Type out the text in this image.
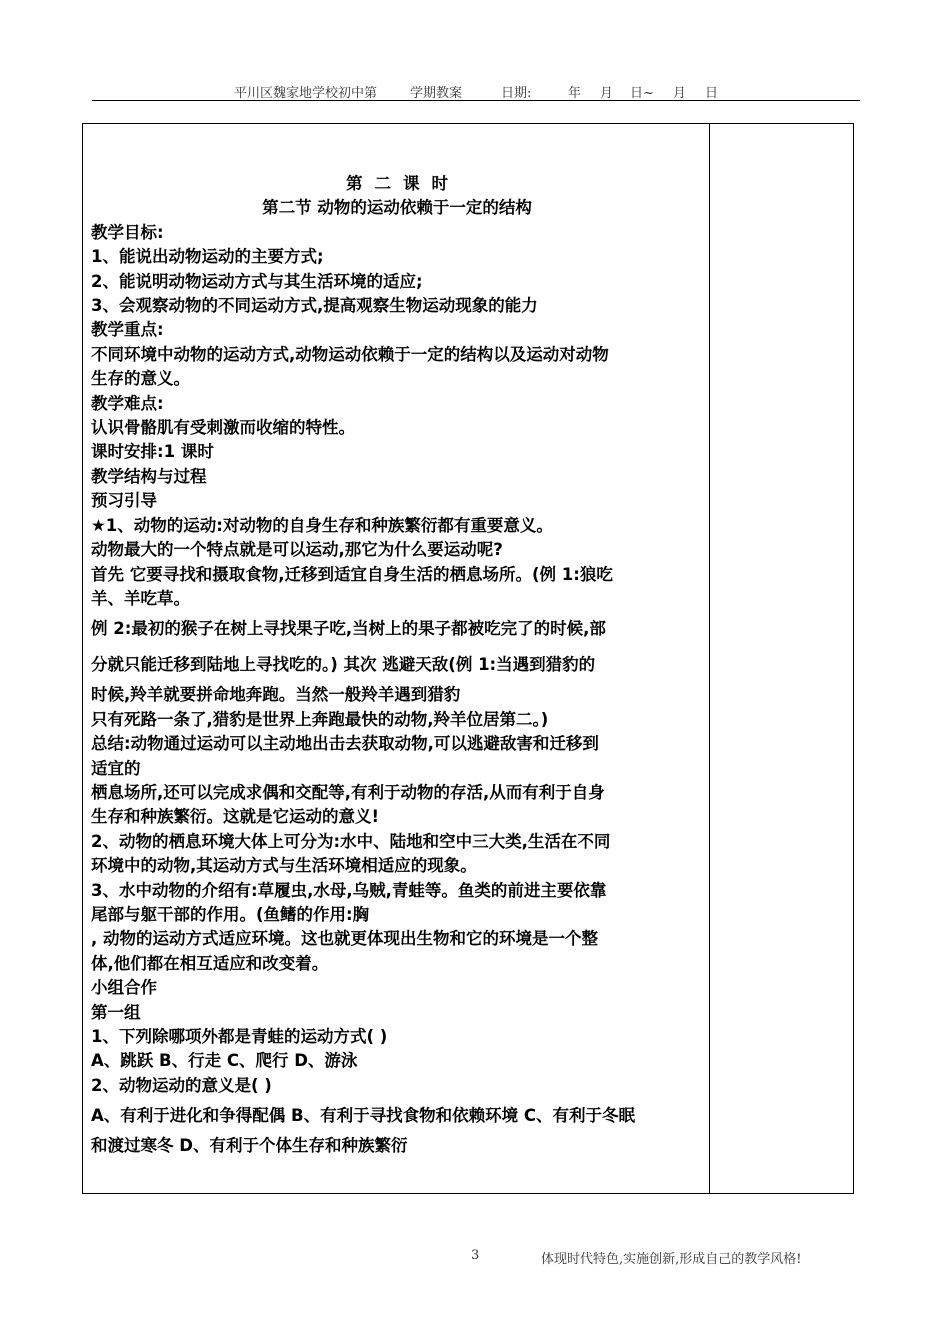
平川区魏家地学校初中第	学期教案	日期:	年 月 日~ 月 日

第二课时

第二节 动物的运动依赖于一定的结构

教学目标:

1、能说出动物运动的主要方式;

2、能说明动物运动方式与其生活环境的适应;

3、会观察动物的不同运动方式,提高观察生物运动现象的能力

教学重点:

不同环境中动物的运动方式,动物运动依赖于一定的结构以及运动对动物

生存的意义。

教学难点:

认识骨骼肌有受刺激而收缩的特性。

课时安排:1 课时

教学结构与过程

预习引导

★1、动物的运动:对动物的自身生存和种族繁衍都有重要意义。

动物最大的一个特点就是可以运动,那它为什么要运动呢?

首先 它要寻找和摄取食物,迁移到适宜自身生活的栖息场所。(例 1:狼吃

羊、羊吃草。

例 2:最初的猴子在树上寻找果子吃,当树上的果子都被吃完了的时候,部

分就只能迁移到陆地上寻找吃的。) 其次 逃避天敌(例 1:当遇到猎豹的

时候,羚羊就要拼命地奔跑。当然一般羚羊遇到猎豹

只有死路一条了,猎豹是世界上奔跑最快的动物,羚羊位居第二。)

总结:动物通过运动可以主动地出击去获取动物,可以逃避敌害和迁移到

适宜的

栖息场所,还可以完成求偶和交配等,有利于动物的存活,从而有利于自身

生存和种族繁衍。这就是它运动的意义!

2、动物的栖息环境大体上可分为:水中、陆地和空中三大类,生活在不同

环境中的动物,其运动方式与生活环境相适应的现象。

3、水中动物的介绍有:草履虫,水母,乌贼,青蛙等。鱼类的前进主要依靠

尾部与躯干部的作用。(鱼鳍的作用:胸

, 动物的运动方式适应环境。这也就更体现出生物和它的环境是一个整

体,他们都在相互适应和改变着。

小组合作

第一组

1、下列除哪项外都是青蛙的运动方式( )

A、跳跃 B、行走 C、爬行 D、游泳

2、动物运动的意义是( )

A、有利于进化和争得配偶 B、有利于寻找食物和依赖环境 C、有利于冬眠

和渡过寒冬 D、有利于个体生存和种族繁衍

3	体现时代特色,实施创新,形成自己的教学风格!
